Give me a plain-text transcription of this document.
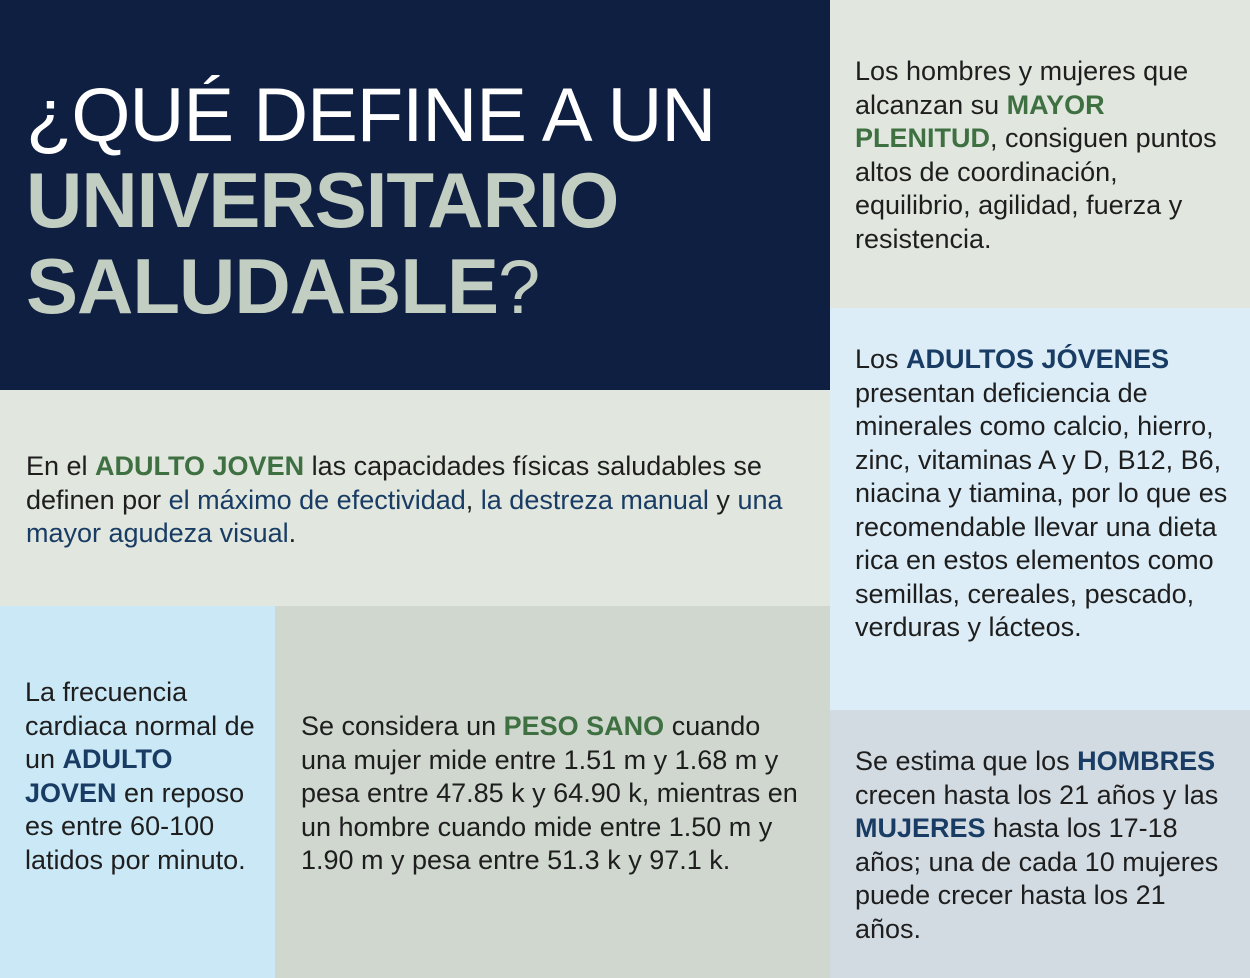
¿QUÉ DEFINE A UN
UNIVERSITARIO
SALUDABLE?

Los hombres y mujeres que alcanzan su MAYOR PLENITUD, consiguen puntos altos de coordinación, equilibrio, agilidad, fuerza y resistencia.

Los ADULTOS JÓVENES presentan deficiencia de minerales como calcio, hierro, zinc, vitaminas A y D, B12, B6, niacina y tiamina, por lo que es recomendable llevar una dieta rica en estos elementos como semillas, cereales, pescado, verduras y lácteos.

Se estima que los HOMBRES crecen hasta los 21 años y las MUJERES hasta los 17-18 años; una de cada 10 mujeres puede crecer hasta los 21 años.

En el ADULTO JOVEN las capacidades físicas saludables se definen por el máximo de efectividad, la destreza manual y una mayor agudeza visual.

La frecuencia cardiaca normal de un ADULTO JOVEN en reposo es entre 60-100 latidos por minuto.

Se considera un PESO SANO cuando una mujer mide entre 1.51 m y 1.68 m y pesa entre 47.85 k y 64.90 k, mientras en un hombre cuando mide entre 1.50 m y 1.90 m y pesa entre 51.3 k y 97.1 k.
